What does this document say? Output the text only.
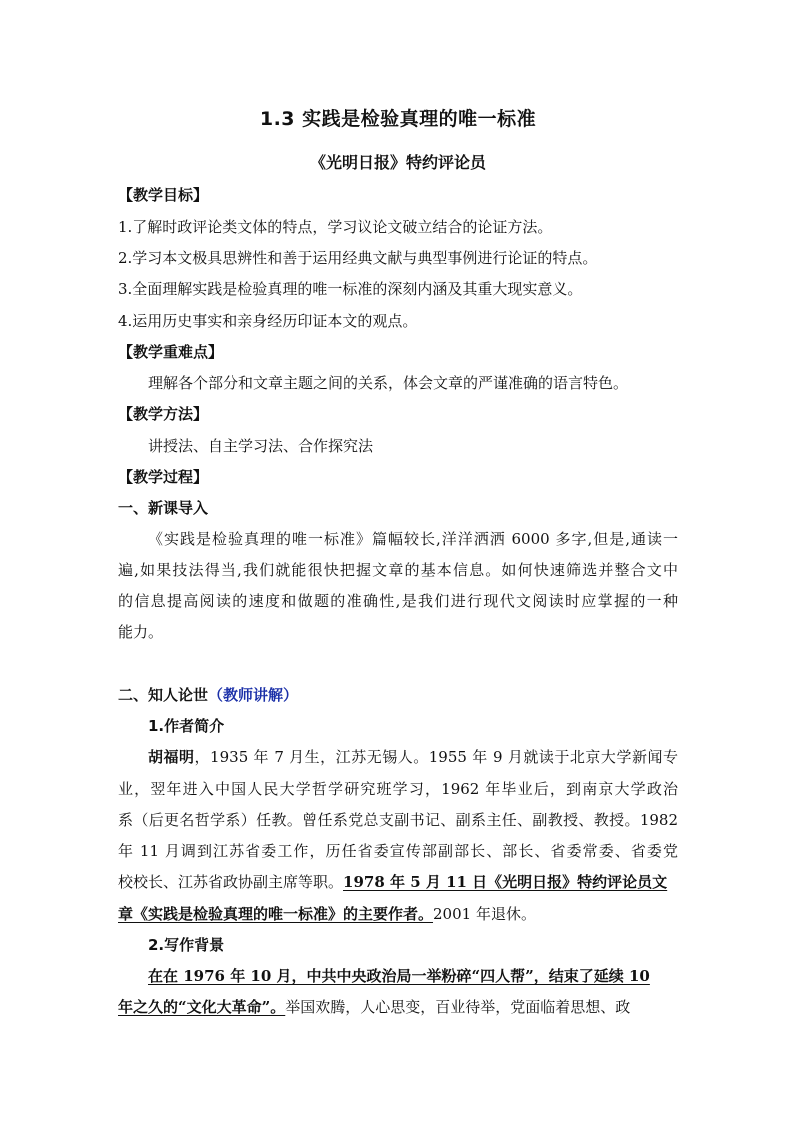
1.3 实践是检验真理的唯一标准
《光明日报》特约评论员
【教学目标】
1.了解时政评论类文体的特点，学习议论文破立结合的论证方法。
2.学习本文极具思辨性和善于运用经典文献与典型事例进行论证的特点。
3.全面理解实践是检验真理的唯一标准的深刻内涵及其重大现实意义。
4.运用历史事实和亲身经历印证本文的观点。
【教学重难点】
理解各个部分和文章主题之间的关系，体会文章的严谨准确的语言特色。
【教学方法】
讲授法、自主学习法、合作探究法
【教学过程】
一、新课导入
《实践是检验真理的唯一标准》篇幅较长,洋洋洒洒 6000 多字,但是,通读一
遍,如果技法得当,我们就能很快把握文章的基本信息。如何快速筛选并整合文中
的信息提高阅读的速度和做题的准确性,是我们进行现代文阅读时应掌握的一种
能力。
二、知人论世（教师讲解）
1.作者简介
胡福明，1935 年 7 月生，江苏无锡人。1955 年 9 月就读于北京大学新闻专
业，翌年进入中国人民大学哲学研究班学习，1962 年毕业后，到南京大学政治
系（后更名哲学系）任教。曾任系党总支副书记、副系主任、副教授、教授。1982
年 11 月调到江苏省委工作，历任省委宣传部副部长、部长、省委常委、省委党
校校长、江苏省政协副主席等职。1978 年 5 月 11 日《光明日报》特约评论员文
章《实践是检验真理的唯一标准》的主要作者。2001 年退休。
2.写作背景
在在 1976 年 10 月，中共中央政治局一举粉碎“四人帮”，结束了延续 10
年之久的“文化大革命”。举国欢腾，人心思变，百业待举，党面临着思想、政
